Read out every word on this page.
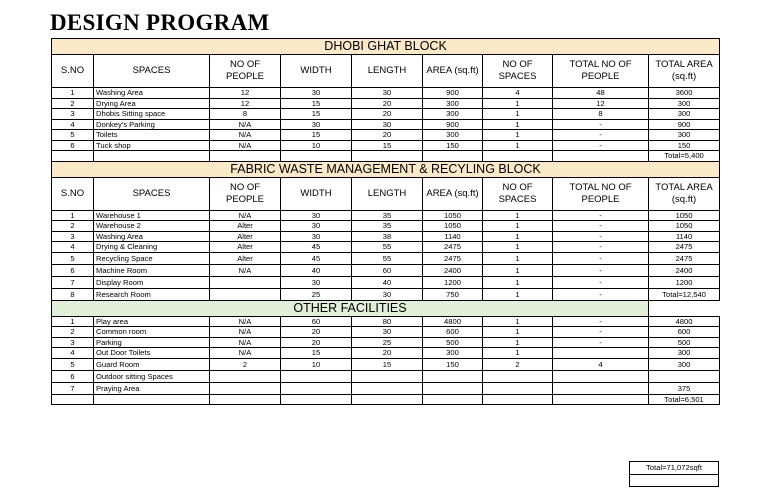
DESIGN PROGRAM
DHOBI GHAT BLOCK								
S.NO	SPACES	NO OF PEOPLE	WIDTH	LENGTH	AREA (sq.ft)	NO OF SPACES	TOTAL NO OF PEOPLE	TOTAL AREA (sq.ft)
1	Washing Area	12	30	30	900	4	48	3600
2	Drying Area	12	15	20	300	1	12	300
3	Dhobis Sitting space	8	15	20	300	1	8	300
4	Donkey's Parking	N/A	30	30	900	1	-	900
5	Toilets	N/A	15	20	300	1	-	300
6	Tuck shop	N/A	10	15	150	1	-	150
								Total=5,400
FABRIC WASTE MANAGEMENT & RECYLING BLOCK								
S.NO	SPACES	NO OF PEOPLE	WIDTH	LENGTH	AREA (sq.ft)	NO OF SPACES	TOTAL NO OF PEOPLE	TOTAL AREA (sq.ft)
1	Warehouse 1	N/A	30	35	1050	1	-	1050
2	Warehouse 2	Alter	30	35	1050	1	-	1050
3	Washing Area	Alter	30	38	1140	1	-	1140
4	Drying & Cleaning	Alter	45	55	2475	1	-	2475
5	Recycling Space	Alter	45	55	2475	1	-	2475
6	Machine Room	N/A	40	60	2400	1	-	2400
7	Display Room		30	40	1200	1	-	1200
8	Research Room		25	30	750	1	-	Total=12,540
OTHER FACILITIES								
1	Play area	N/A	60	80	4800	1	-	4800
2	Common room	N/A	20	30	600	1	-	600
3	Parking	N/A	20	25	500	1	-	500
4	Out Door Toilets	N/A	15	20	300	1		300
5	Guard Room	2	10	15	150	2	4	300
6	Outdoor sitting Spaces							
7	Praying Area							375
								Total=6,501
Total=71,072sqft
